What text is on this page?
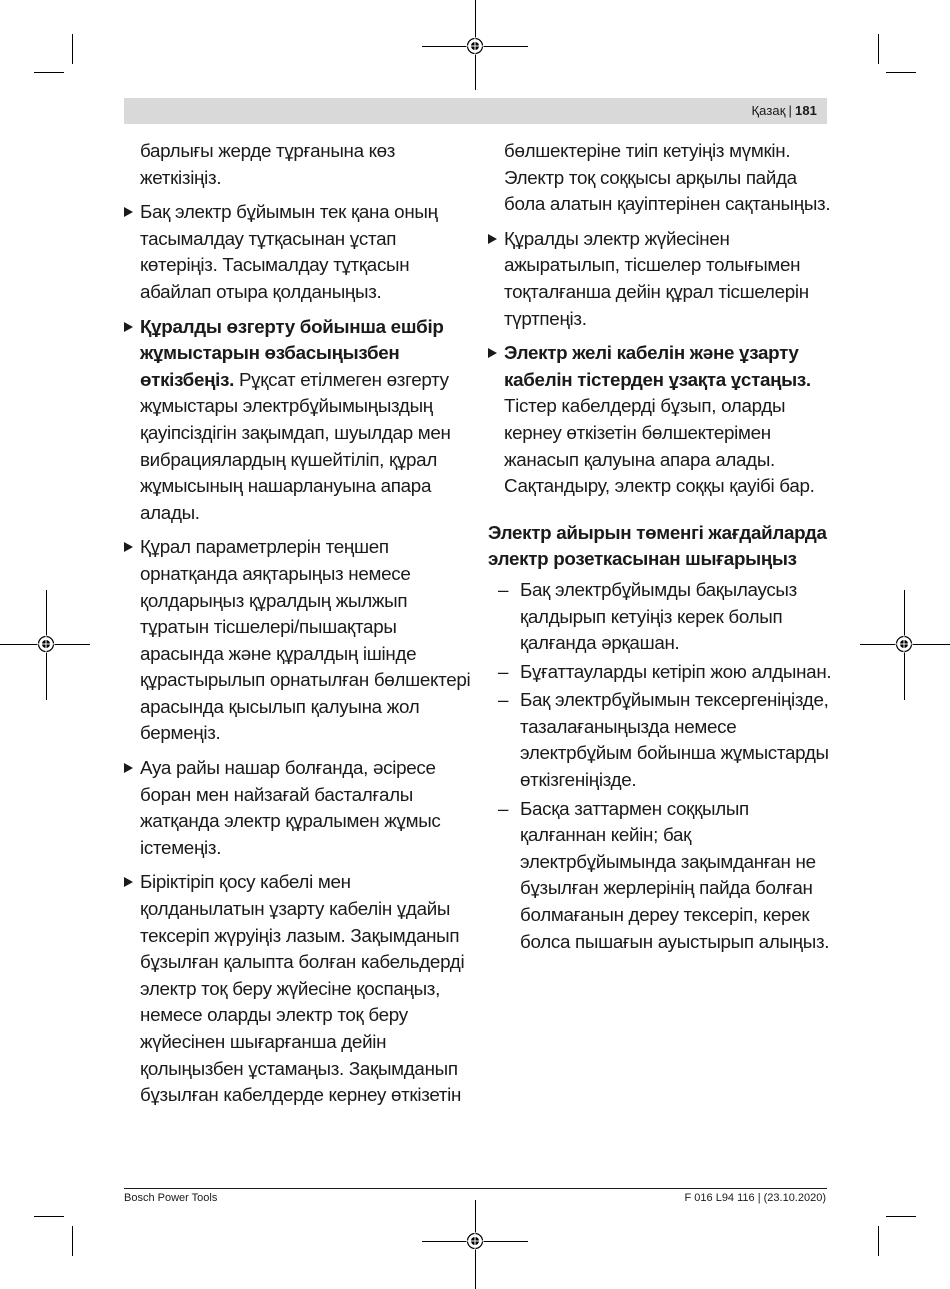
Қазақ | 181
барлығы жерде тұрғанына көз жеткізіңіз.
Бақ электр бұйымын тек қана оның тасымалдау тұтқасынан ұстап көтеріңіз. Тасымалдау тұтқасын абайлап отыра қолданыңыз.
Құралды өзгерту бойынша ешбір жұмыстарын өзбасыңызбен өткізбеңіз. Рұқсат етілмеген өзгерту жұмыстары электрбұйымыңыздың қауіпсіздігін зақымдап, шуылдар мен вибрациялардың күшейтіліп, құрал жұмысының нашарлануына апара алады.
Құрал параметрлерін теңшеп орнатқанда аяқтарыңыз немесе қолдарыңыз құралдың жылжып тұратын тісшелері/пышақтары арасында және құралдың ішінде құрастырылып орнатылған бөлшектері арасында қысылып қалуына жол бермеңіз.
Ауа райы нашар болғанда, әсіресе боран мен найзағай басталғалы жатқанда электр құралымен жұмыс істемеңіз.
Біріктіріп қосу кабелі мен қолданылатын ұзарту кабелін ұдайы тексеріп жүруіңіз лазым. Зақымданып бұзылған қалыпта болған кабельдерді электр тоқ беру жүйесіне қоспаңыз, немесе оларды электр тоқ беру жүйесінен шығарғанша дейін қолыңызбен ұстамаңыз. Зақымданып бұзылған кабелдерде кернеу өткізетін
бөлшектеріне тиіп кетуіңіз мүмкін. Электр тоқ соққысы арқылы пайда бола алатын қауіптерінен сақтаныңыз.
Құралды электр жүйесінен ажыратылып, тісшелер толығымен тоқталғанша дейін құрал тісшелерін түртпеңіз.
Электр желі кабелін және ұзарту кабелін тістерден ұзақта ұстаңыз. Тістер кабелдерді бұзып, оларды кернеу өткізетін бөлшектерімен жанасып қалуына апара алады. Сақтандыру, электр соққы қауібі бар.
Электр айырын төменгі жағдайларда электр розеткасынан шығарыңыз
– Бақ электрбұйымды бақылаусыз қалдырып кетуіңіз керек болып қалғанда әрқашан.
– Бұғаттауларды кетіріп жою алдынан.
– Бақ электрбұйымын тексергеніңізде, тазалағаныңызда немесе электрбұйым бойынша жұмыстарды өткізгеніңізде.
– Басқа заттармен соққылып қалғаннан кейін; бақ электрбұйымында зақымданған не бұзылған жерлерінің пайда болған болмағанын дереу тексеріп, керек болса пышағын ауыстырып алыңыз.
Bosch Power Tools	F 016 L94 116 | (23.10.2020)
